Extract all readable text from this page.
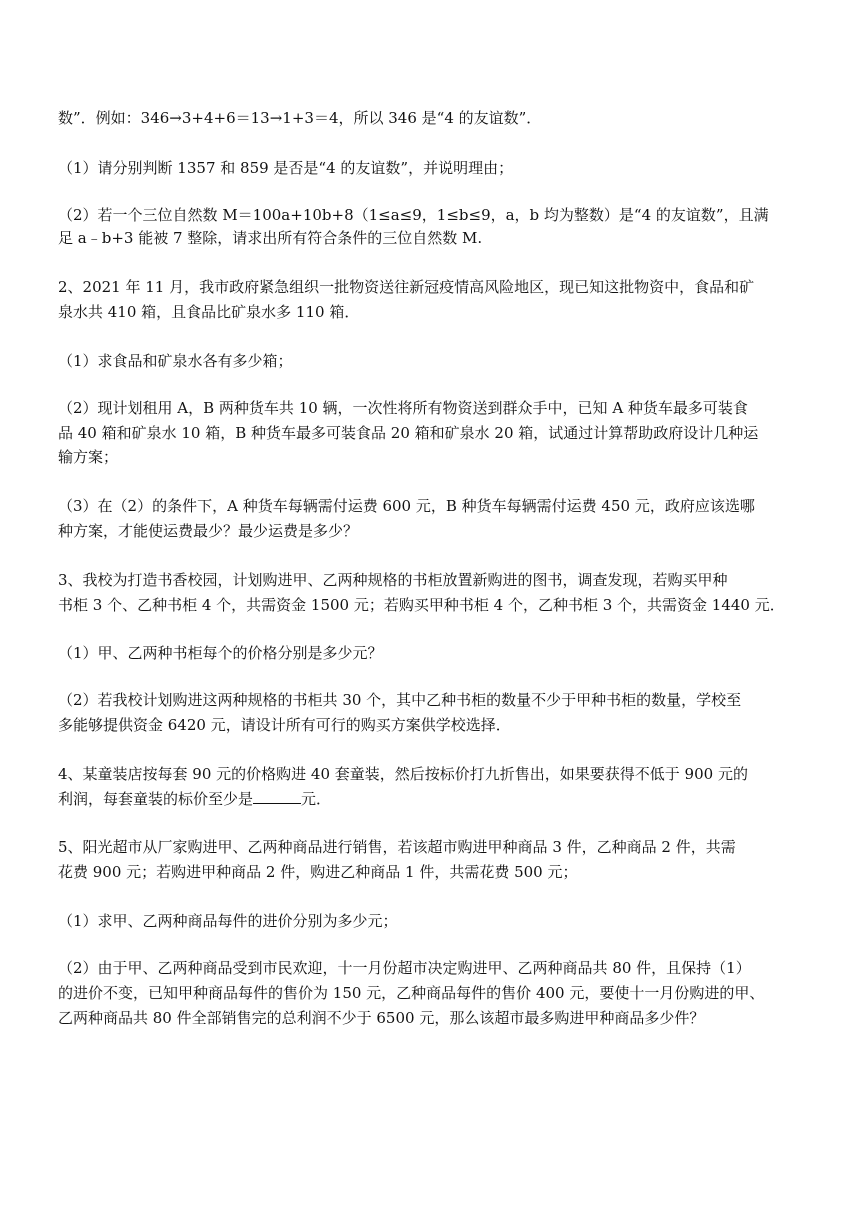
数”．例如：346→3+4+6＝13→1+3＝4，所以 346 是“4 的友谊数”．
（1）请分别判断 1357 和 859 是否是“4 的友谊数”，并说明理由；
（2）若一个三位自然数 M＝100a+10b+8（1≤a≤9，1≤b≤9，a，b 均为整数）是“4 的友谊数”，且满
足 a﹣b+3 能被 7 整除，请求出所有符合条件的三位自然数 M.
2、2021 年 11 月，我市政府紧急组织一批物资送往新冠疫情高风险地区，现已知这批物资中，食品和矿
泉水共 410 箱，且食品比矿泉水多 110 箱．
（1）求食品和矿泉水各有多少箱；
（2）现计划租用 A，B 两种货车共 10 辆，一次性将所有物资送到群众手中，已知 A 种货车最多可装食
品 40 箱和矿泉水 10 箱，B 种货车最多可装食品 20 箱和矿泉水 20 箱，试通过计算帮助政府设计几种运
输方案；
（3）在（2）的条件下，A 种货车每辆需付运费 600 元，B 种货车每辆需付运费 450 元，政府应该选哪
种方案，才能使运费最少？最少运费是多少？
3、我校为打造书香校园，计划购进甲、乙两种规格的书柜放置新购进的图书，调查发现，若购买甲种
书柜 3 个、乙种书柜 4 个，共需资金 1500 元；若购买甲种书柜 4 个，乙种书柜 3 个，共需资金 1440 元．
（1）甲、乙两种书柜每个的价格分别是多少元？
（2）若我校计划购进这两种规格的书柜共 30 个，其中乙种书柜的数量不少于甲种书柜的数量，学校至
多能够提供资金 6420 元，请设计所有可行的购买方案供学校选择．
4、某童装店按每套 90 元的价格购进 40 套童装，然后按标价打九折售出，如果要获得不低于 900 元的
利润，每套童装的标价至少是	元．
5、阳光超市从厂家购进甲、乙两种商品进行销售，若该超市购进甲种商品 3 件，乙种商品 2 件，共需
花费 900 元；若购进甲种商品 2 件，购进乙种商品 1 件，共需花费 500 元；
（1）求甲、乙两种商品每件的进价分别为多少元；
（2）由于甲、乙两种商品受到市民欢迎，十一月份超市决定购进甲、乙两种商品共 80 件，且保持（1）
的进价不变，已知甲种商品每件的售价为 150 元，乙种商品每件的售价 400 元，要使十一月份购进的甲、
乙两种商品共 80 件全部销售完的总利润不少于 6500 元，那么该超市最多购进甲种商品多少件？
